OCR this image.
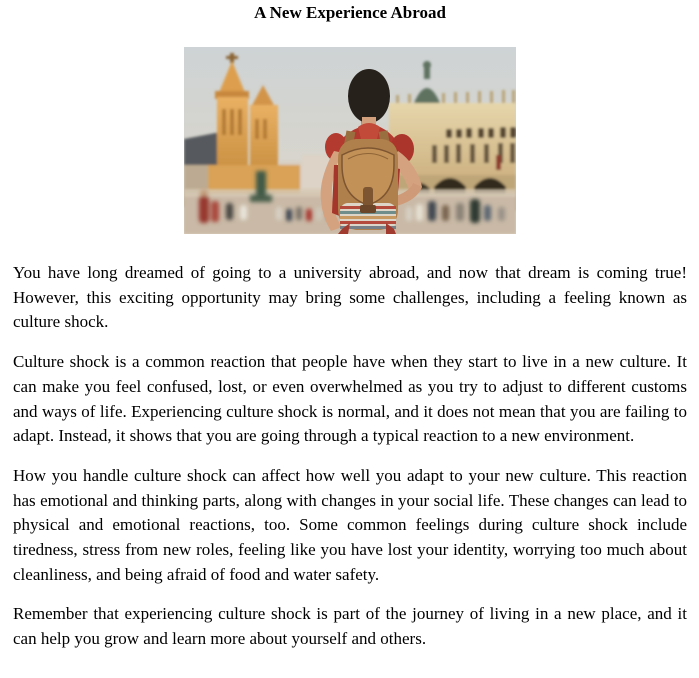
A New Experience Abroad

You have long dreamed of going to a university abroad, and now that dream is coming true! However, this exciting opportunity may bring some challenges, including a feeling known as culture shock.

Culture shock is a common reaction that people have when they start to live in a new culture. It can make you feel confused, lost, or even overwhelmed as you try to adjust to different customs and ways of life. Experiencing culture shock is normal, and it does not mean that you are failing to adapt. Instead, it shows that you are going through a typical reaction to a new environment.

How you handle culture shock can affect how well you adapt to your new culture. This reaction has emotional and thinking parts, along with changes in your social life. These changes can lead to physical and emotional reactions, too. Some common feelings during culture shock include tiredness, stress from new roles, feeling like you have lost your identity, worrying too much about cleanliness, and being afraid of food and water safety.

Remember that experiencing culture shock is part of the journey of living in a new place, and it can help you grow and learn more about yourself and others.
